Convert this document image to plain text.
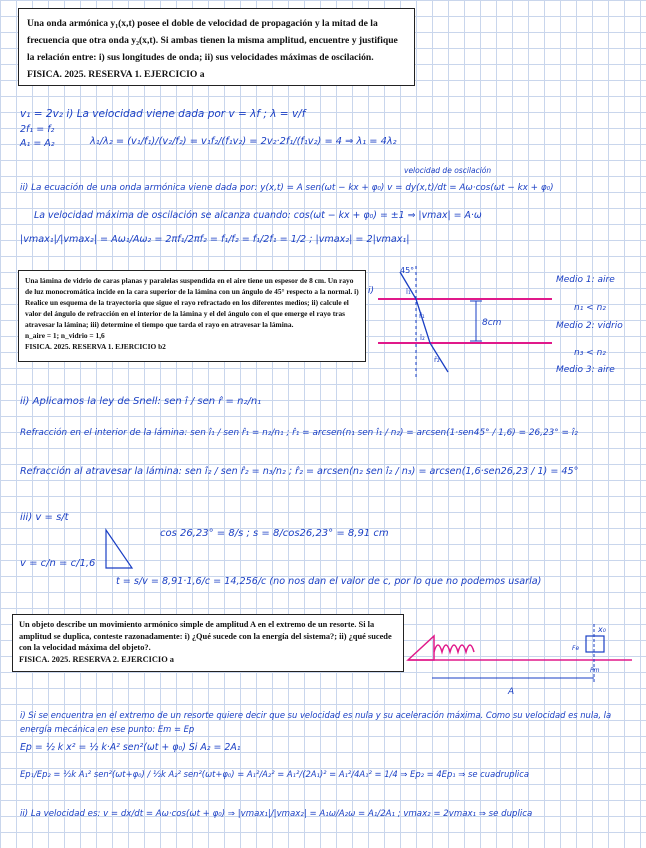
Una onda armónica y₁(x,t) posee el doble de velocidad de propagación y la mitad de la frecuencia que otra onda y₂(x,t). Si ambas tienen la misma amplitud, encuentre y justifique la relación entre: i) sus longitudes de onda; ii) sus velocidades máximas de oscilación.

FISICA. 2025. RESERVA 1. EJERCICIO a

Una lámina de vidrio de caras planas y paralelas suspendida en el aire tiene un espesor de 8 cm. Un rayo de luz monocromática incide en la cara superior de la lámina con un ángulo de 45° respecto a la normal. i) Realice un esquema de la trayectoria que sigue el rayo refractado en los diferentes medios; ii) calcule el valor del ángulo de refracción en el interior de la lámina y el del ángulo con el que emerge el rayo tras atravesar la lámina; iii) determine el tiempo que tarda el rayo en atravesar la lámina.

n_aire = 1; n_vidrio = 1,6

FISICA. 2025. RESERVA 1. EJERCICIO b2

Un objeto describe un movimiento armónico simple de amplitud A en el extremo de un resorte. Si la amplitud se duplica, conteste razonadamente: i) ¿Qué sucede con la energía del sistema?; ii) ¿qué sucede con la velocidad máxima del objeto?.

FISICA. 2025. RESERVA 2. EJERCICIO a

v₁ = 2v₂ i) La velocidad viene dada por v = λf ; λ = v/f

2f₁ = f₂

A₁ = A₂	λ₁/λ₂ = (v₁/f₁)/(v₂/f₂) = v₁f₂/(f₁v₂) = 2v₂·2f₁/(f₁v₂) = 4 ⇒ λ₁ = 4λ₂

velocidad de oscilación

ii) La ecuación de una onda armónica viene dada por: y(x,t) = A sen(ωt − kx + φ₀) v = dy(x,t)/dt = Aω·cos(ωt − kx + φ₀)

La velocidad máxima de oscilación se alcanza cuando: cos(ωt − kx + φ₀) = ±1 ⇒ |vmax| = A·ω

|vmax₁|/|vmax₂| = Aω₁/Aω₂ = 2πf₁/2πf₂ = f₁/f₂ = f₁/2f₁ = 1/2 ; |vmax₂| = 2|vmax₁|

ii) Aplicamos la ley de Snell: sen î / sen r̂ = n₂/n₁

Refracción en el interior de la lámina: sen î₁ / sen r̂₁ = n₂/n₁ ; r̂₁ = arcsen(n₁ sen î₁ / n₂) = arcsen(1·sen45° / 1,6) = 26,23° = î₂

Refracción al atravesar la lámina: sen î₂ / sen r̂₂ = n₃/n₂ ; r̂₂ = arcsen(n₂ sen î₂ / n₃) = arcsen(1,6·sen26,23 / 1) = 45°

iii) v = s/t

cos 26,23° = 8/s ; s = 8/cos26,23° = 8,91 cm

v = c/n = c/1,6

t = s/v = 8,91·1,6/c = 14,256/c (no nos dan el valor de c, por lo que no podemos usarla)

i) Si se encuentra en el extremo de un resorte quiere decir que su velocidad es nula y su aceleración máxima. Como su velocidad es nula, la energía mecánica en ese punto: Em = Ep

Ep = ½ k x² = ½ k·A² sen²(ωt + φ₀) Si A₂ = 2A₁

Ep₁/Ep₂ = ½k A₁² sen²(ωt+φ₀) / ½k A₂² sen²(ωt+φ₀) = A₁²/A₂² = A₁²/(2A₁)² = A₁²/4A₁² = 1/4 ⇒ Ep₂ = 4Ep₁ ⇒ se cuadruplica

ii) La velocidad es: v = dx/dt = Aω·cos(ωt + φ₀) ⇒ |vmax₁|/|vmax₂| = A₁ω/A₂ω = A₁/2A₁ ; vmax₂ = 2vmax₁ ⇒ se duplica

i)
45°
8cm
î₁
r̂₁
î₂
r̂₂
Medio 1: aire
n₁ < n₂
Medio 2: vidrio
n₃ < n₂
Medio 3: aire
A
x₀
Fe
Pm
